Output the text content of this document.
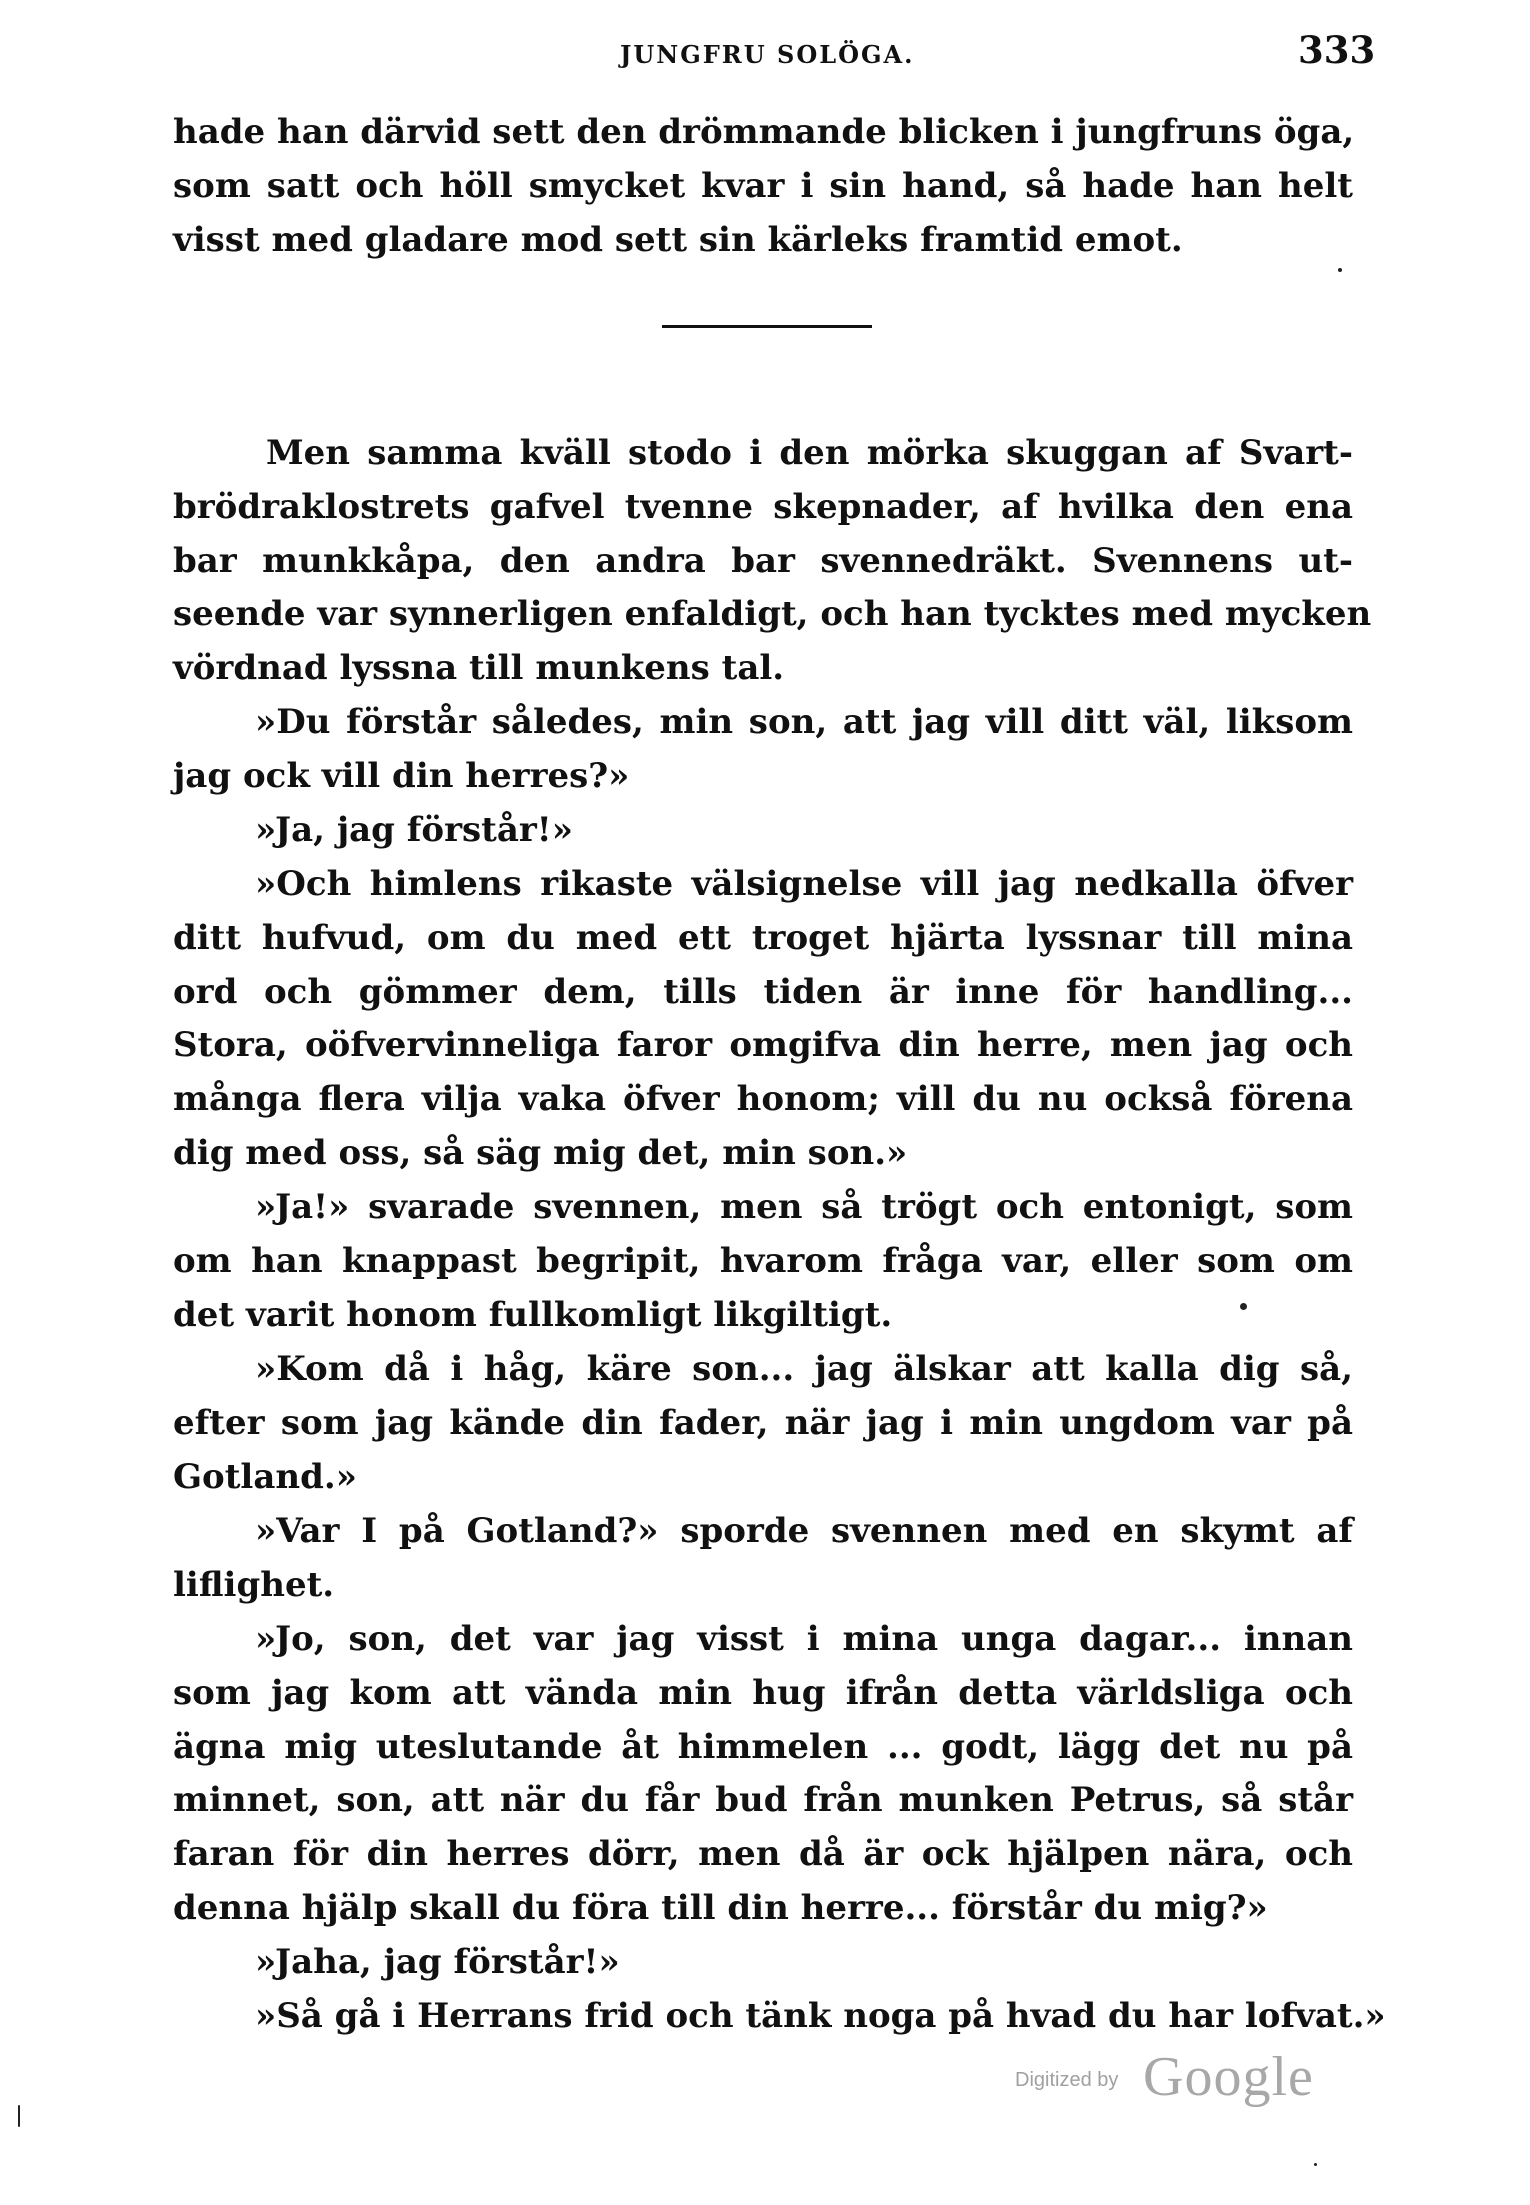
JUNGFRU SOLÖGA.	333
hade han därvid sett den drömmande blicken i jungfruns öga,
som satt och höll smycket kvar i sin hand, så hade han helt
visst med gladare mod sett sin kärleks framtid emot.
Men samma kväll stodo i den mörka skuggan af Svart-
brödraklostrets gafvel tvenne skepnader, af hvilka den ena
bar munkkåpa, den andra bar svennedräkt. Svennens ut-
seende var synnerligen enfaldigt, och han tycktes med mycken
vördnad lyssna till munkens tal.
»Du förstår således, min son, att jag vill ditt väl, liksom
jag ock vill din herres?»
»Ja, jag förstår!»
»Och himlens rikaste välsignelse vill jag nedkalla öfver
ditt hufvud, om du med ett troget hjärta lyssnar till mina
ord och gömmer dem, tills tiden är inne för handling...
Stora, oöfvervinneliga faror omgifva din herre, men jag och
många flera vilja vaka öfver honom; vill du nu också förena
dig med oss, så säg mig det, min son.»
»Ja!» svarade svennen, men så trögt och entonigt, som
om han knappast begripit, hvarom fråga var, eller som om
det varit honom fullkomligt likgiltigt.
»Kom då i håg, käre son... jag älskar att kalla dig så,
efter som jag kände din fader, när jag i min ungdom var på
Gotland.»
»Var I på Gotland?» sporde svennen med en skymt af
liflighet.
»Jo, son, det var jag visst i mina unga dagar... innan
som jag kom att vända min hug ifrån detta världsliga och
ägna mig uteslutande åt himmelen ... godt, lägg det nu på
minnet, son, att när du får bud från munken Petrus, så står
faran för din herres dörr, men då är ock hjälpen nära, och
denna hjälp skall du föra till din herre... förstår du mig?»
»Jaha, jag förstår!»
»Så gå i Herrans frid och tänk noga på hvad du har lofvat.»
Digitized by Google
